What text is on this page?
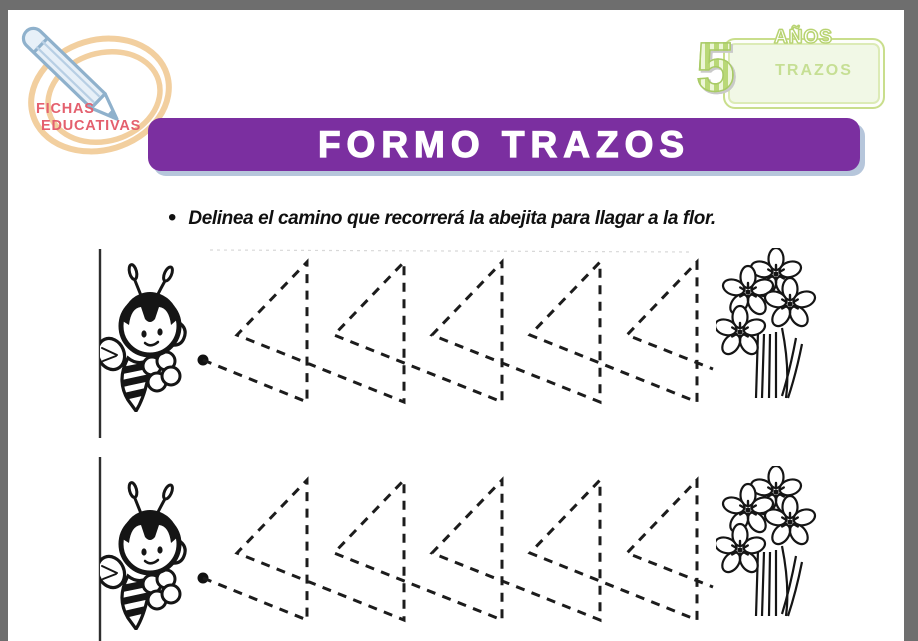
FICHAS
EDUCATIVAS
5 AÑOS
TRAZOS
FORMO TRAZOS
• Delinea el camino que recorrerá la abejita para llagar a la flor.
